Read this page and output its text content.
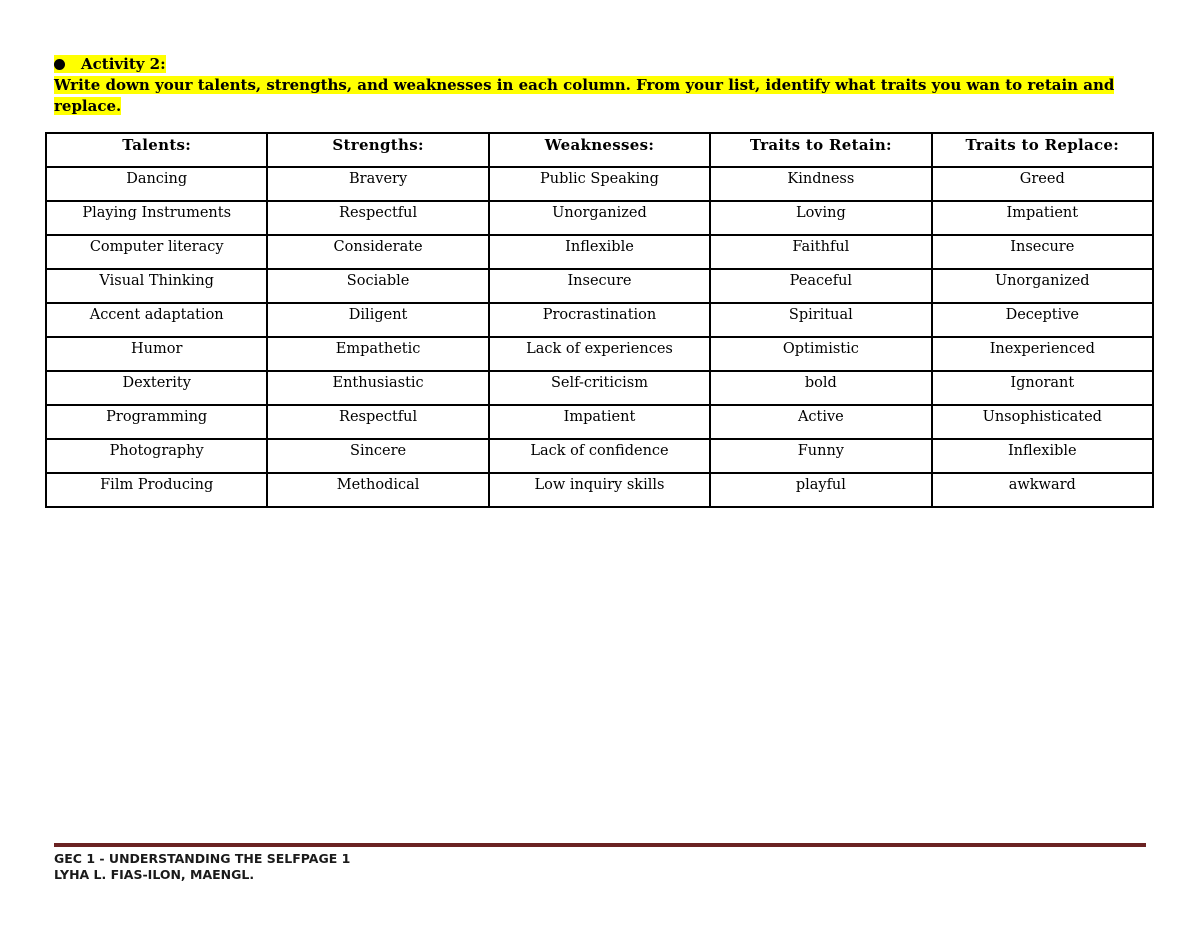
Activity 2:
Write down your talents, strengths, and weaknesses in each column. From your list, identify what traits you wan to retain and
replace.
Talents:	Strengths:	Weaknesses:	Traits to Retain:	Traits to Replace:
Dancing	Bravery	Public Speaking	Kindness	Greed
Playing Instruments	Respectful	Unorganized	Loving	Impatient
Computer literacy	Considerate	Inflexible	Faithful	Insecure
Visual Thinking	Sociable	Insecure	Peaceful	Unorganized
Accent adaptation	Diligent	Procrastination	Spiritual	Deceptive
Humor	Empathetic	Lack of experiences	Optimistic	Inexperienced
Dexterity	Enthusiastic	Self-criticism	bold	Ignorant
Programming	Respectful	Impatient	Active	Unsophisticated
Photography	Sincere	Lack of confidence	Funny	Inflexible
Film Producing	Methodical	Low inquiry skills	playful	awkward
GEC 1 - UNDERSTANDING THE SELFPAGE 1
LYHA L. FIAS-ILON, MAENGL.
